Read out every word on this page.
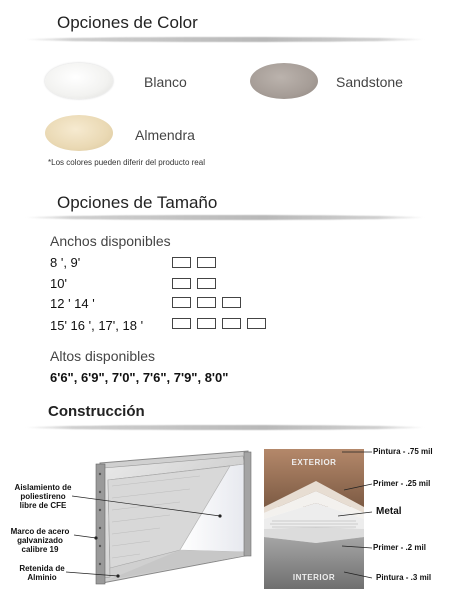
Opciones de Color
Blanco	Sandstone
Almendra
*Los colores pueden diferir del producto real
Opciones de Tamaño
Anchos disponibles
8 ', 9'
10'
12 ' 14 '
15' 16 ', 17', 18 '
Altos disponibles
6'6", 6'9", 7'0", 7'6", 7'9", 8'0"
Construcción
Aislamiento de
poliestireno
libre de CFE
Marco de acero
galvanizado
calibre 19
Retenida de
Alminio
EXTERIOR
INTERIOR
Pintura - .75 mil
Primer - .25 mil
Metal
Primer - .2 mil
Pintura - .3 mil
